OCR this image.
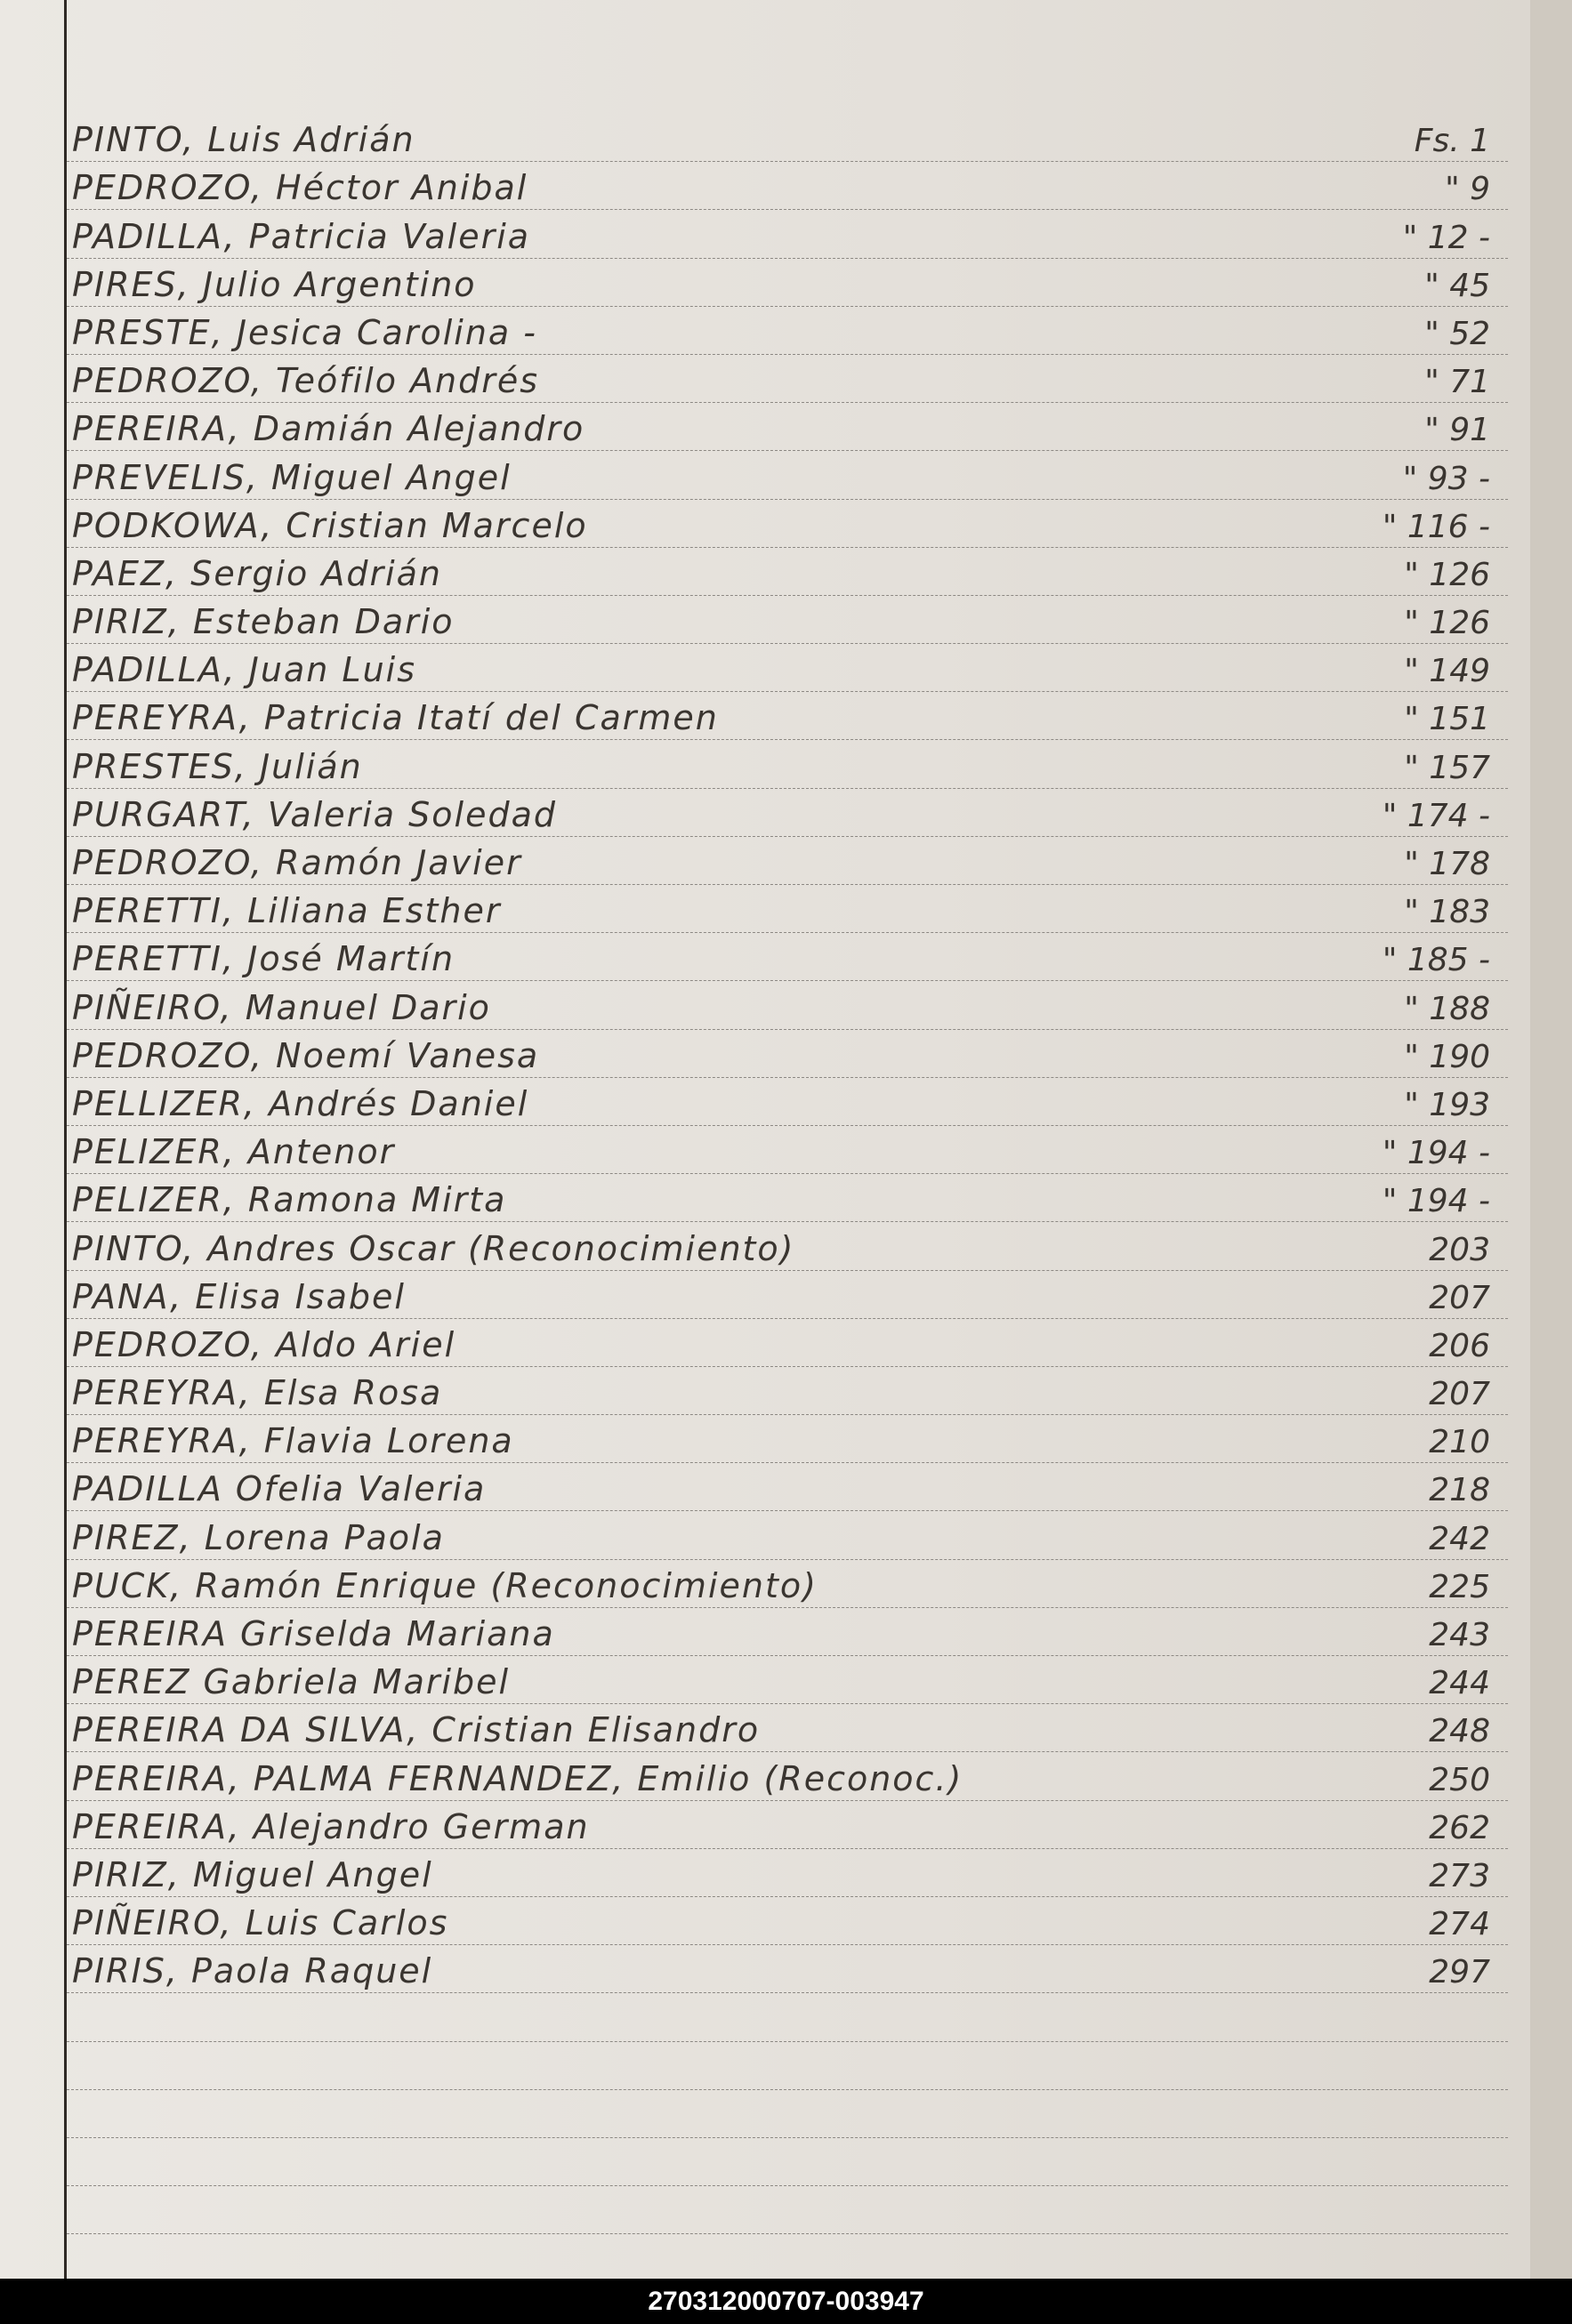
PINTO, Luis Adrián	Fs. 1
PEDROZO, Héctor Anibal	" 9
PADILLA, Patricia Valeria	" 12 -
PIRES, Julio Argentino	" 45
PRESTE, Jesica Carolina -	" 52
PEDROZO, Teófilo Andrés	" 71
PEREIRA, Damián Alejandro	" 91
PREVELIS, Miguel Angel	" 93 -
PODKOWA, Cristian Marcelo	" 116 -
PAEZ, Sergio Adrián	" 126
PIRIZ, Esteban Dario	" 126
PADILLA, Juan Luis	" 149
PEREYRA, Patricia Itatí del Carmen	" 151
PRESTES, Julián	" 157
PURGART, Valeria Soledad	" 174 -
PEDROZO, Ramón Javier	" 178
PERETTI, Liliana Esther	" 183
PERETTI, José Martín	" 185 -
PIÑEIRO, Manuel Dario	" 188
PEDROZO, Noemí Vanesa	" 190
PELLIZER, Andrés Daniel	" 193
PELIZER, Antenor	" 194 -
PELIZER, Ramona Mirta	" 194 -
PINTO, Andres Oscar (Reconocimiento)	203
PANA, Elisa Isabel	207
PEDROZO, Aldo Ariel	206
PEREYRA, Elsa Rosa	207
PEREYRA, Flavia Lorena	210
PADILLA Ofelia Valeria	218
PIREZ, Lorena Paola	242
PUCK, Ramón Enrique (Reconocimiento)	225
PEREIRA Griselda Mariana	243
PEREZ Gabriela Maribel	244
PEREIRA DA SILVA, Cristian Elisandro	248
PEREIRA, PALMA FERNANDEZ, Emilio (Reconoc.)	250
PEREIRA, Alejandro German	262
PIRIZ, Miguel Angel	273
PIÑEIRO, Luis Carlos	274
PIRIS, Paola Raquel	297
270312000707-003947
